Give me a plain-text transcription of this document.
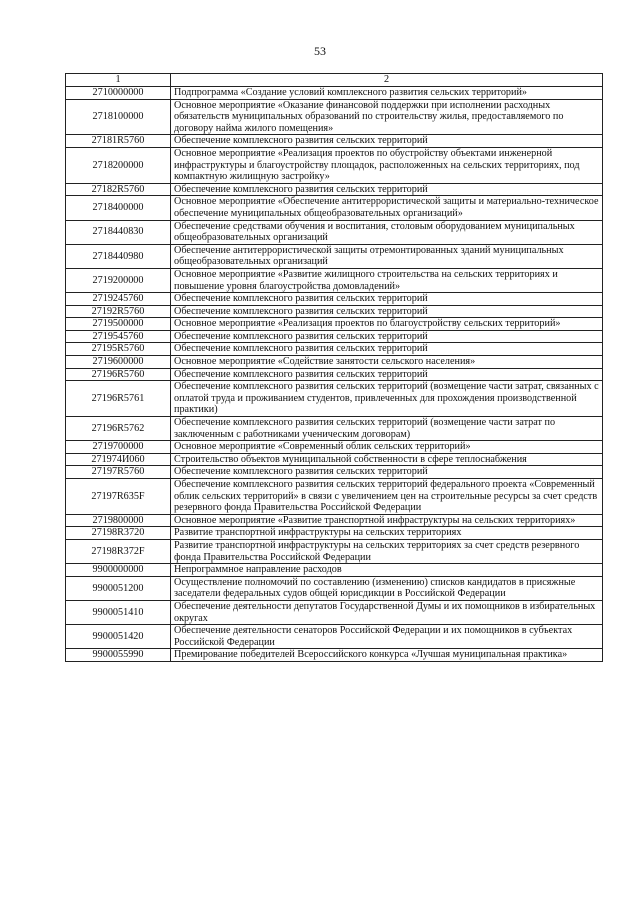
53
1	2
2710000000	Подпрограмма «Создание условий комплексного развития сельских территорий»
2718100000	Основное мероприятие «Оказание финансовой поддержки при исполнении расходных обязательств муниципальных образований по строительству жилья, предоставляемого по договору найма жилого помещения»
27181R5760	Обеспечение комплексного развития сельских территорий
2718200000	Основное мероприятие «Реализация проектов по обустройству объектами инженерной инфраструктуры и благоустройству площадок, расположенных на сельских территориях, под компактную жилищную застройку»
27182R5760	Обеспечение комплексного развития сельских территорий
2718400000	Основное мероприятие «Обеспечение антитеррористической защиты и материально-техническое обеспечение муниципальных общеобразовательных организаций»
2718440830	Обеспечение средствами обучения и воспитания, столовым оборудованием муниципальных общеобразовательных организаций
2718440980	Обеспечение антитеррористической защиты отремонтированных зданий муниципальных общеобразовательных организаций
2719200000	Основное мероприятие «Развитие жилищного строительства на сельских территориях и повышение уровня благоустройства домовладений»
2719245760	Обеспечение комплексного развития сельских территорий
27192R5760	Обеспечение комплексного развития сельских территорий
2719500000	Основное мероприятие «Реализация проектов по благоустройству сельских территорий»
2719545760	Обеспечение комплексного развития сельских территорий
27195R5760	Обеспечение комплексного развития сельских территорий
2719600000	Основное мероприятие «Содействие занятости сельского населения»
27196R5760	Обеспечение комплексного развития сельских территорий
27196R5761	Обеспечение комплексного развития сельских территорий (возмещение части затрат, связанных с оплатой труда и проживанием студентов, привлеченных для прохождения производственной практики)
27196R5762	Обеспечение комплексного развития сельских территорий (возмещение части затрат по заключенным с работниками ученическим договорам)
2719700000	Основное мероприятие «Современный облик сельских территорий»
271974И060	Строительство объектов муниципальной собственности в сфере теплоснабжения
27197R5760	Обеспечение комплексного развития сельских территорий
27197R635F	Обеспечение комплексного развития сельских территорий федерального проекта «Современный облик сельских территорий» в связи с увеличением цен на строительные ресурсы за счет средств резервного фонда Правительства Российской Федерации
2719800000	Основное мероприятие «Развитие транспортной инфраструктуры на сельских территориях»
27198R3720	Развитие транспортной инфраструктуры на сельских территориях
27198R372F	Развитие транспортной инфраструктуры на сельских территориях за счет средств резервного фонда Правительства Российской Федерации
9900000000	Непрограммное направление расходов
9900051200	Осуществление полномочий по составлению (изменению) списков кандидатов в присяжные заседатели федеральных судов общей юрисдикции в Российской Федерации
9900051410	Обеспечение деятельности депутатов Государственной Думы и их помощников в избирательных округах
9900051420	Обеспечение деятельности сенаторов Российской Федерации и их помощников в субъектах Российской Федерации
9900055990	Премирование победителей Всероссийского конкурса «Лучшая муниципальная практика»
